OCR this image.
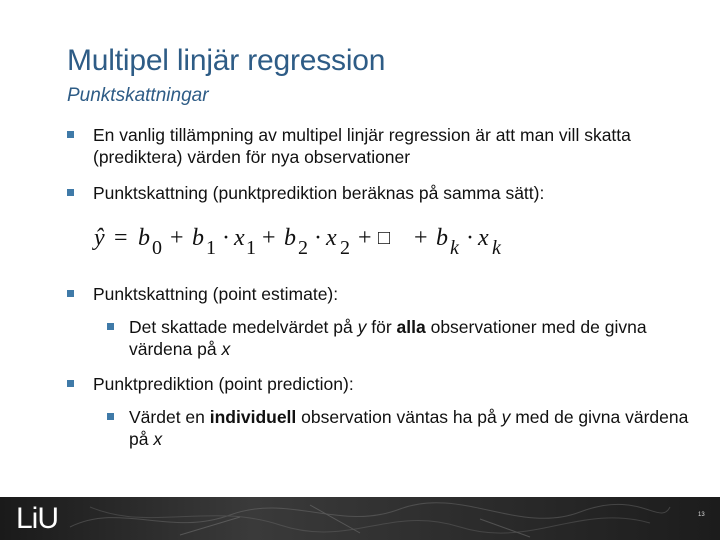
Multipel linjär regression
Punktskattningar
En vanlig tillämpning av multipel linjär regression är att man vill skatta (prediktera) värden för nya observationer
Punktskattning (punktprediktion beräknas på samma sätt):
ŷ = b 0 + b 1 · x 1 + b 2 · x 2 + □ + b k · x k
Punktskattning (point estimate):
Det skattade medelvärdet på y för alla observationer med de givna värdena på x
Punktprediktion (point prediction):
Värdet en individuell observation väntas ha på y med de givna värdena på x
LiU	13
